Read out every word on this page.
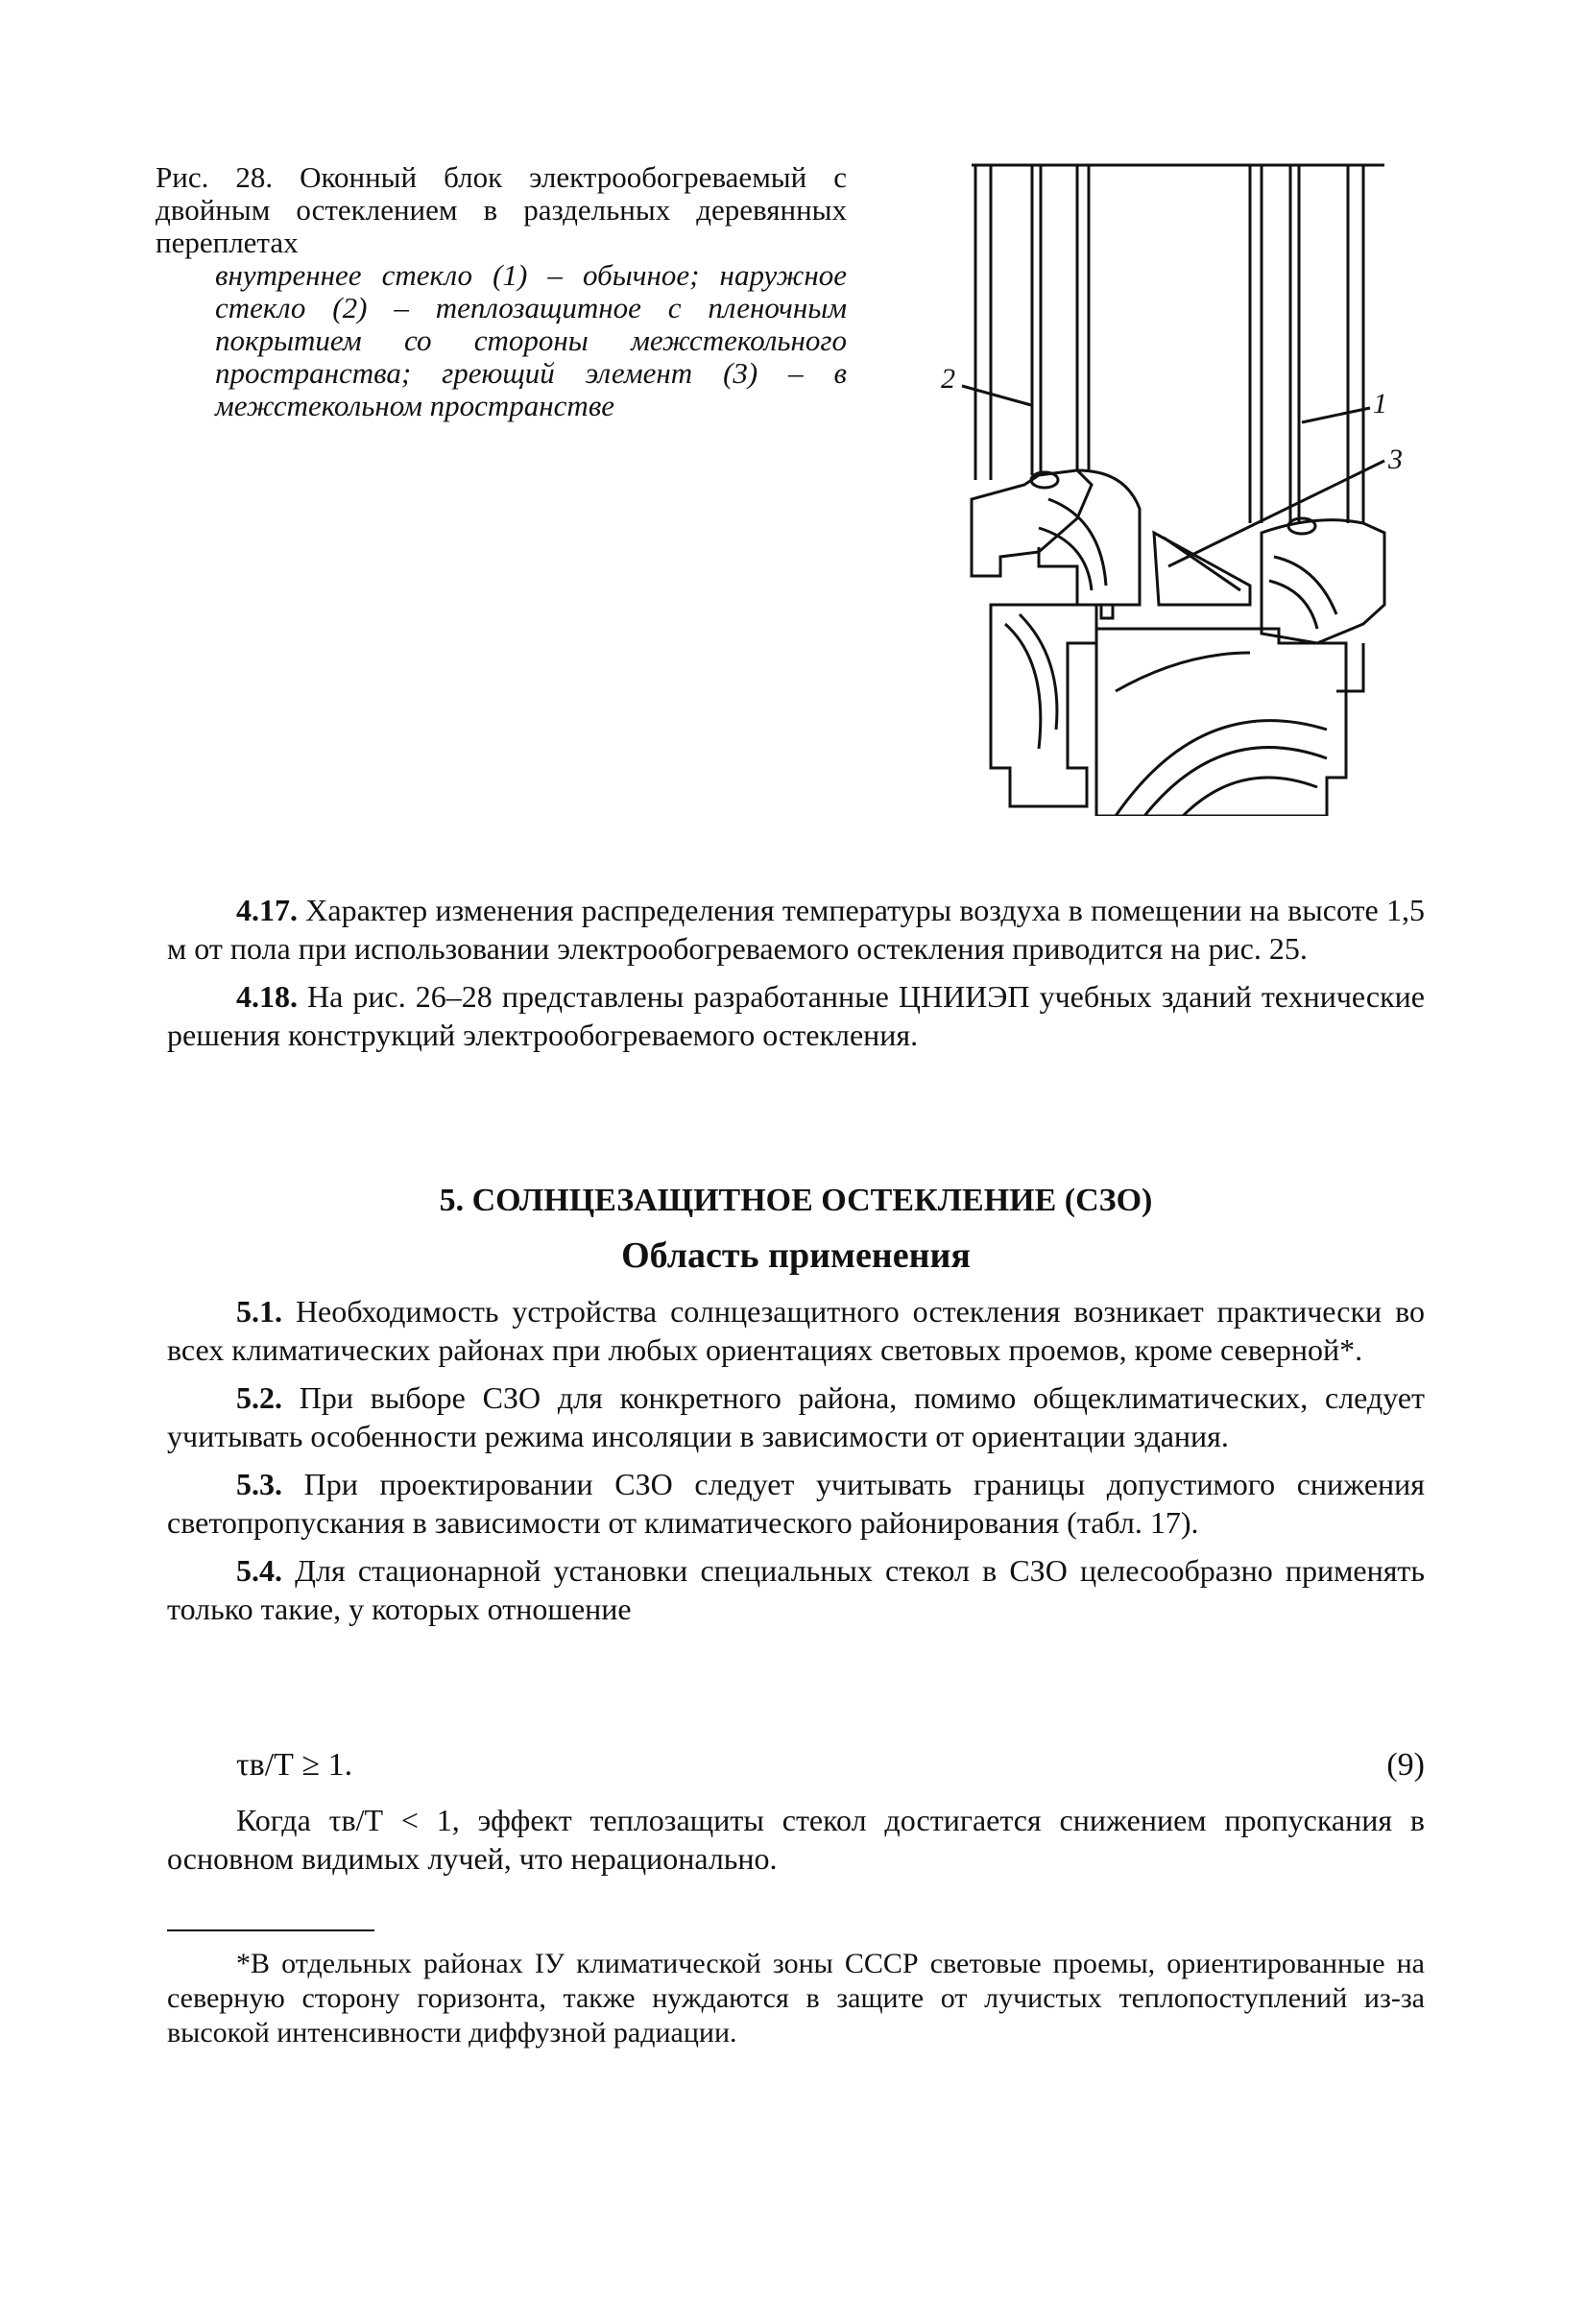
Рис. 28. Оконный блок электрообогреваемый с двойным остеклением в раздельных деревянных переплетах
внутреннее стекло (1) – обычное; наружное стекло (2) – теплозащитное с пленочным покрытием со стороны межстекольного пространства; греющий элемент (3) – в межстекольном пространстве
2
1
3

4.17. Характер изменения распределения температуры воздуха в помещении на высоте 1,5 м от пола при использовании электрообогреваемого остекления приводится на рис. 25.

4.18. На рис. 26–28 представлены разработанные ЦНИИЭП учебных зданий технические решения конструкций электрообогреваемого остекления.

5. СОЛНЦЕЗАЩИТНОЕ ОСТЕКЛЕНИЕ (СЗО)
Область применения

5.1. Необходимость устройства солнцезащитного остекления возникает практически во всех климатических районах при любых ориентациях световых проемов, кроме северной*.

5.2. При выборе СЗО для конкретного района, помимо общеклиматических, следует учитывать особенности режима инсоляции в зависимости от ориентации здания.

5.3. При проектировании СЗО следует учитывать границы допустимого снижения светопропускания в зависимости от климатического районирования (табл. 17).

5.4. Для стационарной установки специальных стекол в СЗО целесообразно применять только такие, у которых отношение

τв/Т ≥ 1.	(9)

Когда τв/Т < 1, эффект теплозащиты стекол достигается снижением пропускания в основном видимых лучей, что нерационально.

*В отдельных районах IУ климатической зоны СССР световые проемы, ориентированные на северную сторону горизонта, также нуждаются в защите от лучистых теплопоступлений из-за высокой интенсивности диффузной радиации.
